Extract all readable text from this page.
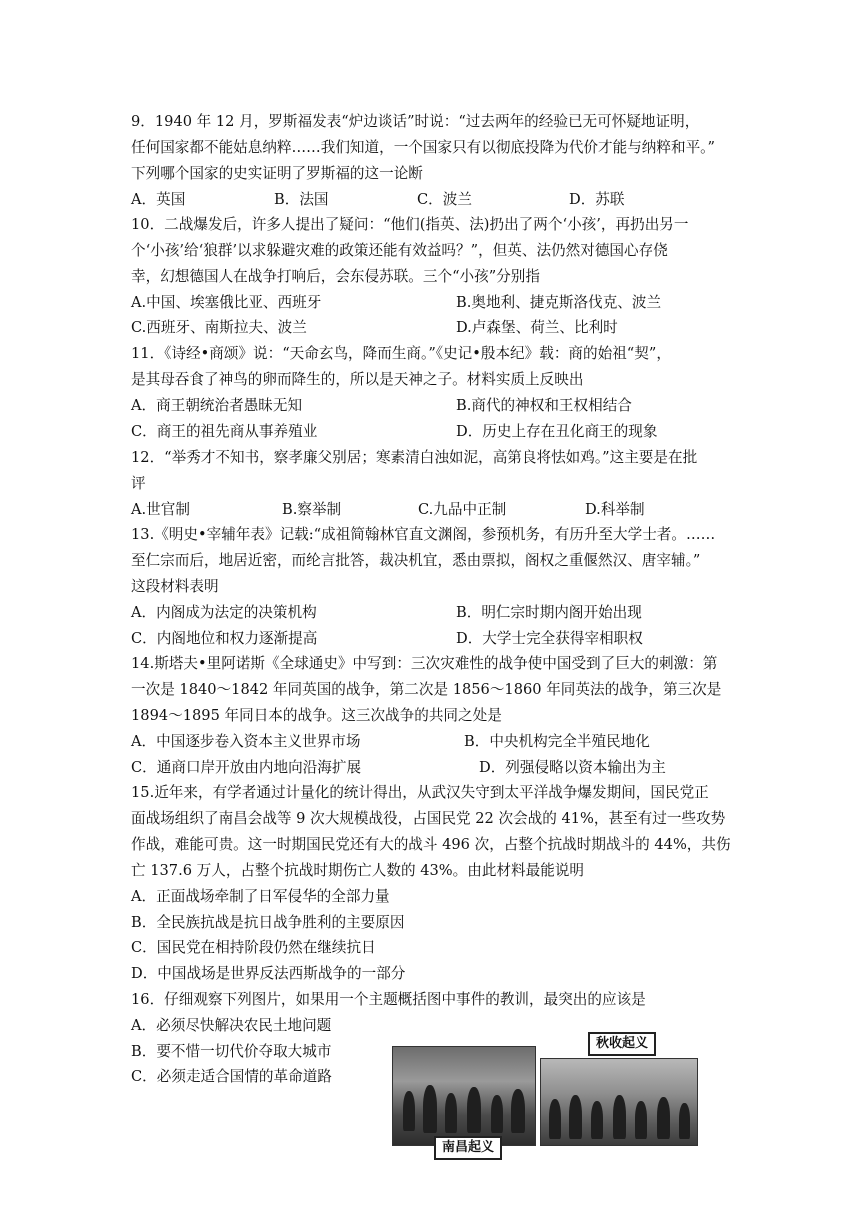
9．1940 年 12 月，罗斯福发表“炉边谈话”时说：“过去两年的经验已无可怀疑地证明，
任何国家都不能姑息纳粹……我们知道，一个国家只有以彻底投降为代价才能与纳粹和平。”
下列哪个国家的史实证明了罗斯福的这一论断
A．英国	B．法国	C．波兰	D．苏联
10．二战爆发后，许多人提出了疑问：“他们(指英、法)扔出了两个‘小孩’，再扔出另一
个‘小孩’给‘狼群’以求躲避灾难的政策还能有效益吗？”，但英、法仍然对德国心存侥
幸，幻想德国人在战争打响后，会东侵苏联。三个“小孩”分别指
A.中国、埃塞俄比亚、西班牙	B.奥地利、捷克斯洛伐克、波兰
C.西班牙、南斯拉夫、波兰	D.卢森堡、荷兰、比利时
11．《诗经•商颂》说：“天命玄鸟，降而生商。”《史记•殷本纪》载：商的始祖“契”，
是其母吞食了神鸟的卵而降生的，所以是天神之子。材料实质上反映出
A．商王朝统治者愚昧无知	B.商代的神权和王权相结合
C．商王的祖先商从事养殖业	D．历史上存在丑化商王的现象
12．“举秀才不知书，察孝廉父别居；寒素清白浊如泥，高第良将怯如鸡。”这主要是在批
评
A.世官制	B.察举制	C.九品中正制	D.科举制
13.《明史•宰辅年表》记载:“成祖简翰林官直文渊阁，参预机务，有历升至大学士者。……
至仁宗而后，地居近密，而纶言批答，裁决机宜，悉由票拟，阁权之重偃然汉、唐宰辅。”
这段材料表明
A．内阁成为法定的决策机构	B．明仁宗时期内阁开始出现
C．内阁地位和权力逐渐提高	D．大学士完全获得宰相职权
14.斯塔夫•里阿诺斯《全球通史》中写到：三次灾难性的战争使中国受到了巨大的刺激：第
一次是 1840～1842 年同英国的战争，第二次是 1856～1860 年同英法的战争，第三次是
1894～1895 年同日本的战争。这三次战争的共同之处是
A．中国逐步卷入资本主义世界市场	B．中央机构完全半殖民地化
C．通商口岸开放由内地向沿海扩展	D．列强侵略以资本输出为主
15.近年来，有学者通过计量化的统计得出，从武汉失守到太平洋战争爆发期间，国民党正
面战场组织了南昌会战等 9 次大规模战役，占国民党 22 次会战的 41%，甚至有过一些攻势
作战，难能可贵。这一时期国民党还有大的战斗 496 次，占整个抗战时期战斗的 44%，共伤
亡 137.6 万人，占整个抗战时期伤亡人数的 43%。由此材料最能说明
A．正面战场牵制了日军侵华的全部力量
B．全民族抗战是抗日战争胜利的主要原因
C．国民党在相持阶段仍然在继续抗日
D．中国战场是世界反法西斯战争的一部分
16．仔细观察下列图片，如果用一个主题概括图中事件的教训，最突出的应该是
A．必须尽快解决农民土地问题
B．要不惜一切代价夺取大城市
C．必须走适合国情的革命道路
南昌起义
秋收起义
